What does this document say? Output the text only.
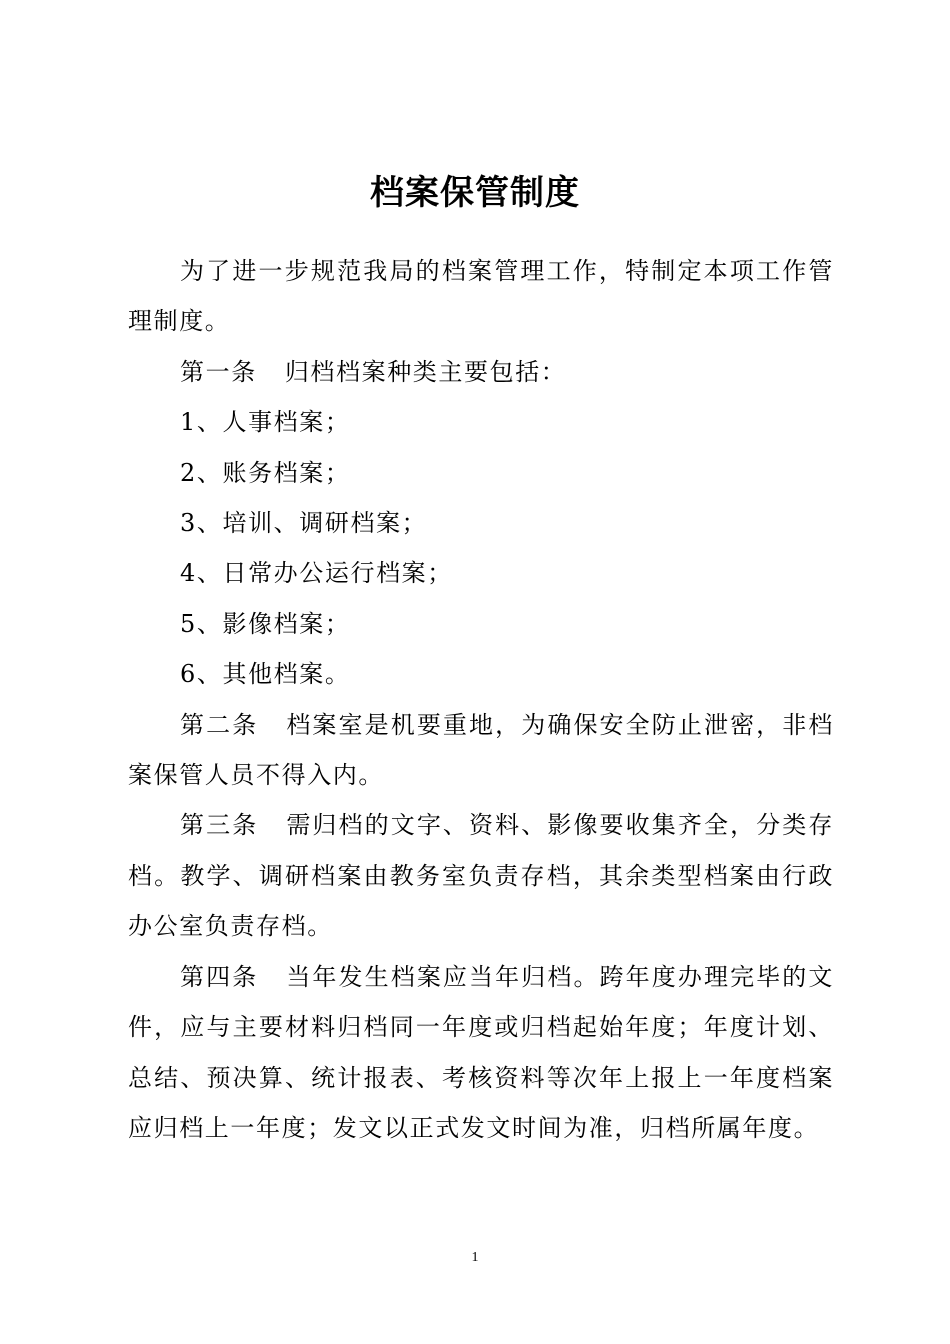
档案保管制度

为了进一步规范我局的档案管理工作，特制定本项工作管理制度。

第一条 归档档案种类主要包括：

1、人事档案；

2、账务档案；

3、培训、调研档案；

4、日常办公运行档案；

5、影像档案；

6、其他档案。

第二条 档案室是机要重地，为确保安全防止泄密，非档案保管人员不得入内。

第三条 需归档的文字、资料、影像要收集齐全，分类存档。教学、调研档案由教务室负责存档，其余类型档案由行政办公室负责存档。

第四条 当年发生档案应当年归档。跨年度办理完毕的文件，应与主要材料归档同一年度或归档起始年度；年度计划、总结、预决算、统计报表、考核资料等次年上报上一年度档案应归档上一年度；发文以正式发文时间为准，归档所属年度。

1
